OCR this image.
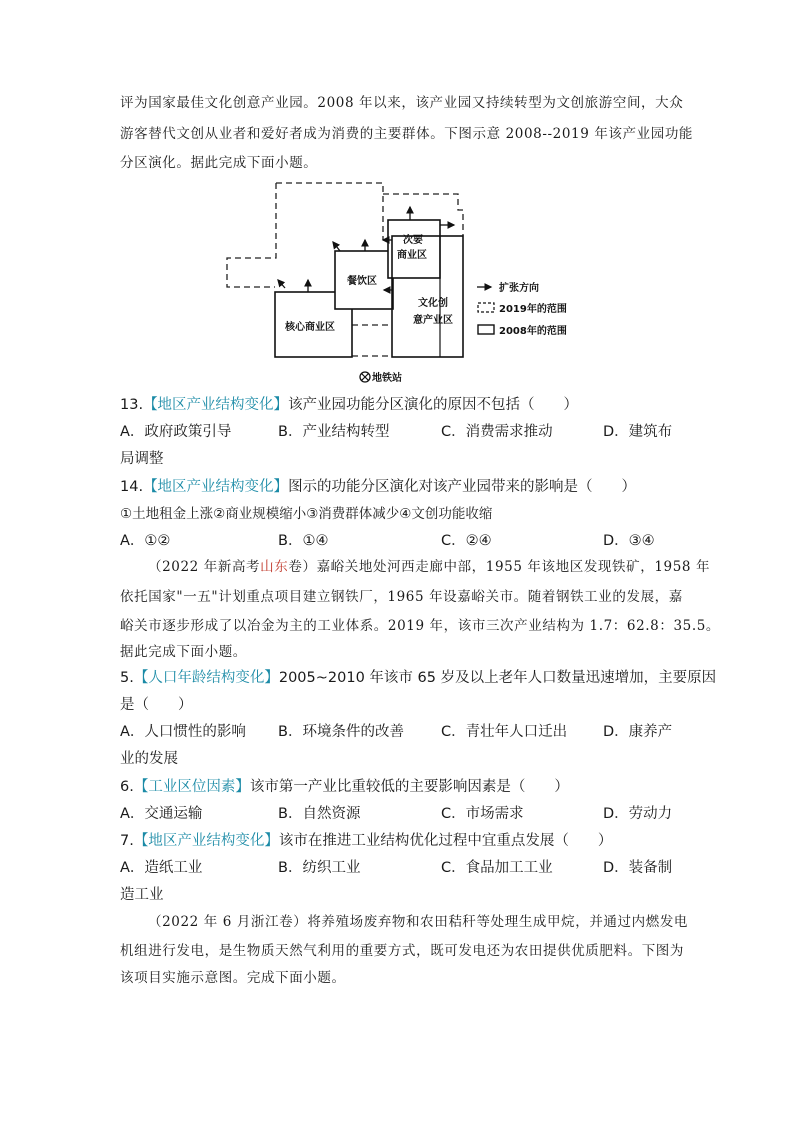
评为国家最佳文化创意产业园。2008 年以来，该产业园又持续转型为文创旅游空间，大众
游客替代文创从业者和爱好者成为消费的主要群体。下图示意 2008--2019 年该产业园功能
分区演化。据此完成下面小题。
核心商业区
餐饮区
次要
商业区
文化创
意产业区
扩张方向
2019年的范围
2008年的范围
地铁站
13.【地区产业结构变化】该产业园功能分区演化的原因不包括（　　）
A．政府政策引导	B．产业结构转型	C．消费需求推动	D．建筑布
局调整
14.【地区产业结构变化】图示的功能分区演化对该产业园带来的影响是（　　）
①土地租金上涨②商业规模缩小③消费群体减少④文创功能收缩
A．①②	B．①④	C．②④	D．③④
（2022 年新高考山东卷）嘉峪关地处河西走廊中部，1955 年该地区发现铁矿，1958 年
依托国家"一五"计划重点项目建立钢铁厂，1965 年设嘉峪关市。随着钢铁工业的发展，嘉
峪关市逐步形成了以冶金为主的工业体系。2019 年，该市三次产业结构为 1.7：62.8：35.5。
据此完成下面小题。
5.【人口年龄结构变化】2005~2010 年该市 65 岁及以上老年人口数量迅速增加，主要原因
是（　　）
A．人口惯性的影响 B．环境条件的改善	C．青壮年人口迁出 D．康养产
业的发展
6.【工业区位因素】该市第一产业比重较低的主要影响因素是（　　）
A．交通运输	B．自然资源	C．市场需求	D．劳动力
7.【地区产业结构变化】该市在推进工业结构优化过程中宜重点发展（　　）
A．造纸工业	B．纺织工业	C．食品加工工业	D．装备制
造工业
（2022 年 6 月浙江卷）将养殖场废弃物和农田秸秆等处理生成甲烷，并通过内燃发电
机组进行发电，是生物质天然气利用的重要方式，既可发电还为农田提供优质肥料。下图为
该项目实施示意图。完成下面小题。
